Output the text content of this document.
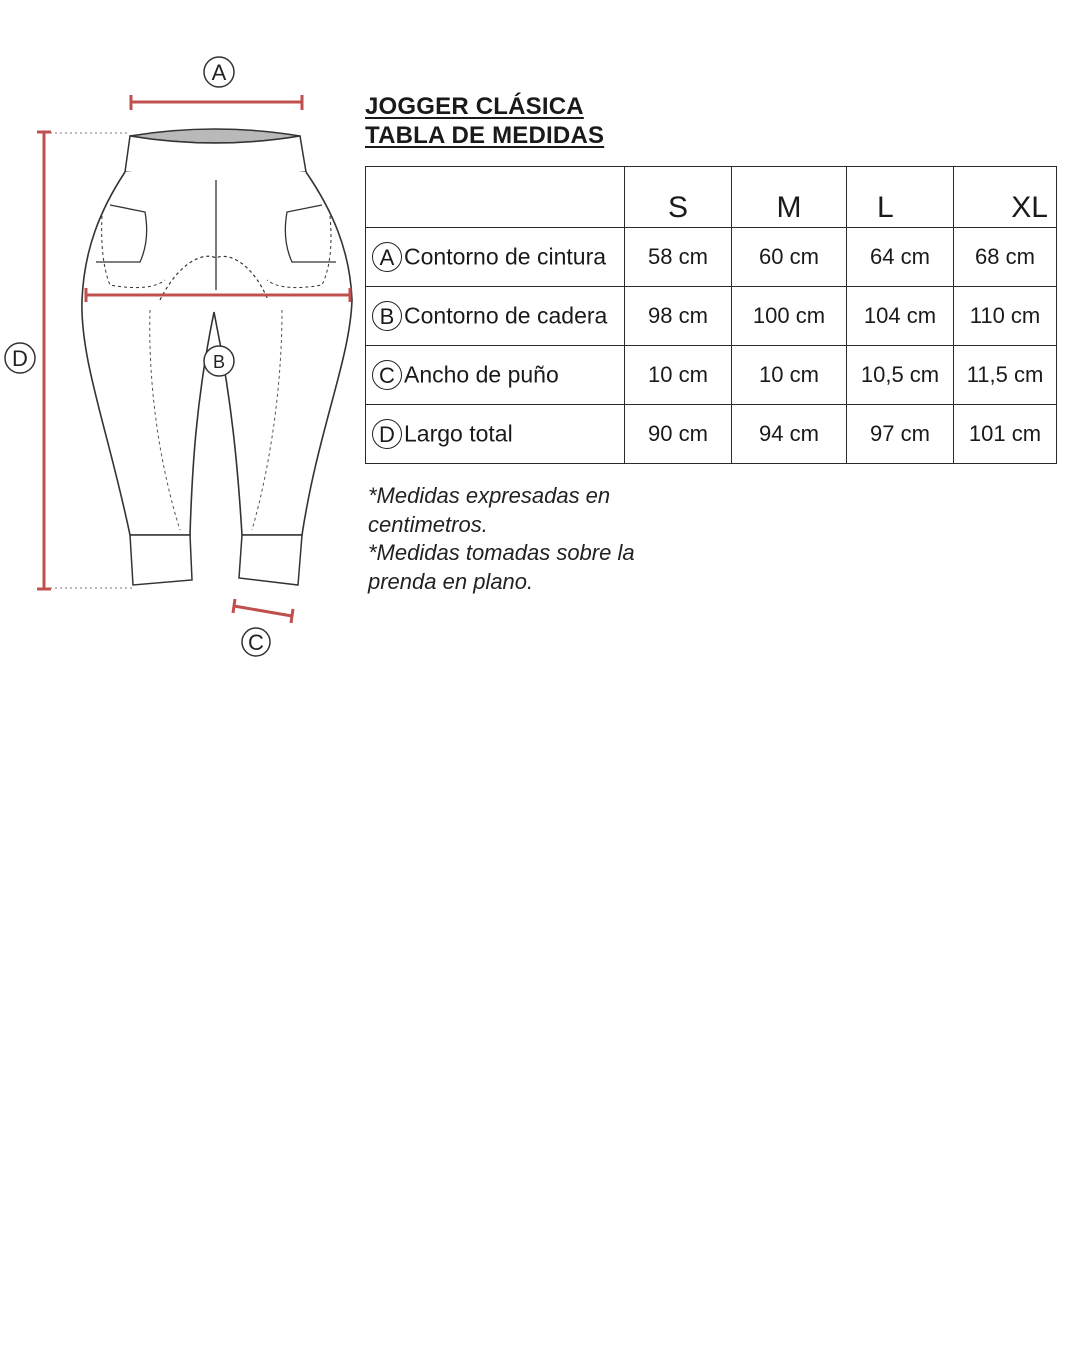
A
B
C
D
JOGGER CLÁSICA
TABLA DE MEDIDAS
	S	M	L	XL
A Contorno de cintura	58 cm	60 cm	64 cm	68 cm
B Contorno de cadera	98 cm	100 cm	104 cm	110 cm
C Ancho de puño	10 cm	10 cm	10,5 cm	11,5 cm
D Largo total	90 cm	94 cm	97 cm	101 cm
*Medidas expresadas en
centimetros.
*Medidas tomadas sobre la
prenda en plano.
